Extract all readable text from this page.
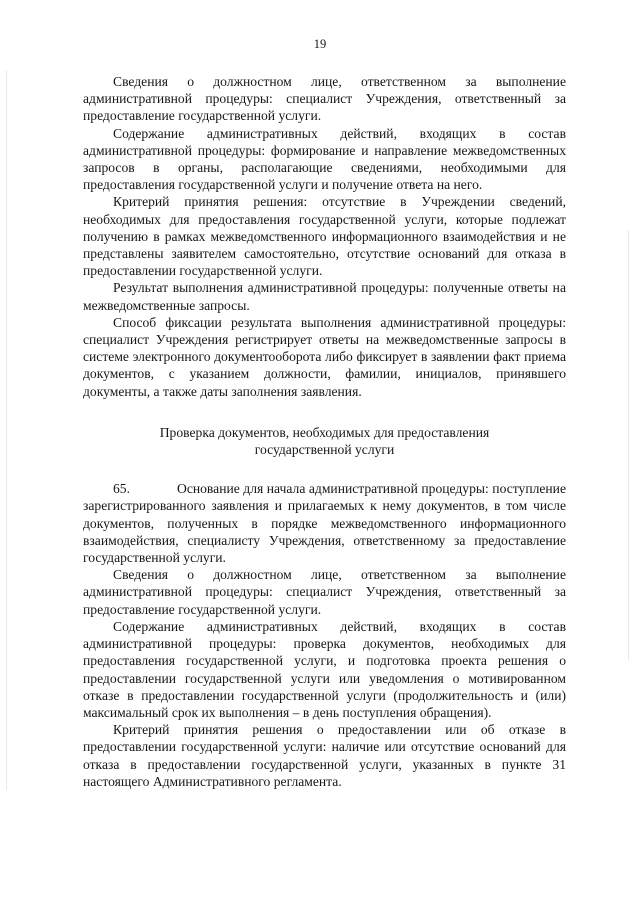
19

Сведения о должностном лице, ответственном за выполнение административной процедуры: специалист Учреждения, ответственный за предоставление государственной услуги.

Содержание административных действий, входящих в состав административной процедуры: формирование и направление межведомственных запросов в органы, располагающие сведениями, необходимыми для предоставления государственной услуги и получение ответа на него.

Критерий принятия решения: отсутствие в Учреждении сведений, необходимых для предоставления государственной услуги, которые подлежат получению в рамках межведомственного информационного взаимодействия и не представлены заявителем самостоятельно, отсутствие оснований для отказа в предоставлении государственной услуги.

Результат выполнения административной процедуры: полученные ответы на межведомственные запросы.

Способ фиксации результата выполнения административной процедуры: специалист Учреждения регистрирует ответы на межведомственные запросы в системе электронного документооборота либо фиксирует в заявлении факт приема документов, с указанием должности, фамилии, инициалов, принявшего документы, а также даты заполнения заявления.

Проверка документов, необходимых для предоставления
государственной услуги

65.	Основание для начала административной процедуры: поступление зарегистрированного заявления и прилагаемых к нему документов, в том числе документов, полученных в порядке межведомственного информационного взаимодействия, специалисту Учреждения, ответственному за предоставление государственной услуги.

Сведения о должностном лице, ответственном за выполнение административной процедуры: специалист Учреждения, ответственный за предоставление государственной услуги.

Содержание административных действий, входящих в состав административной процедуры: проверка документов, необходимых для предоставления государственной услуги, и подготовка проекта решения о предоставлении государственной услуги или уведомления о мотивированном отказе в предоставлении государственной услуги (продолжительность и (или) максимальный срок их выполнения – в день поступления обращения).

Критерий принятия решения о предоставлении или об отказе в предоставлении государственной услуги: наличие или отсутствие оснований для отказа в предоставлении государственной услуги, указанных в пункте 31 настоящего Административного регламента.
